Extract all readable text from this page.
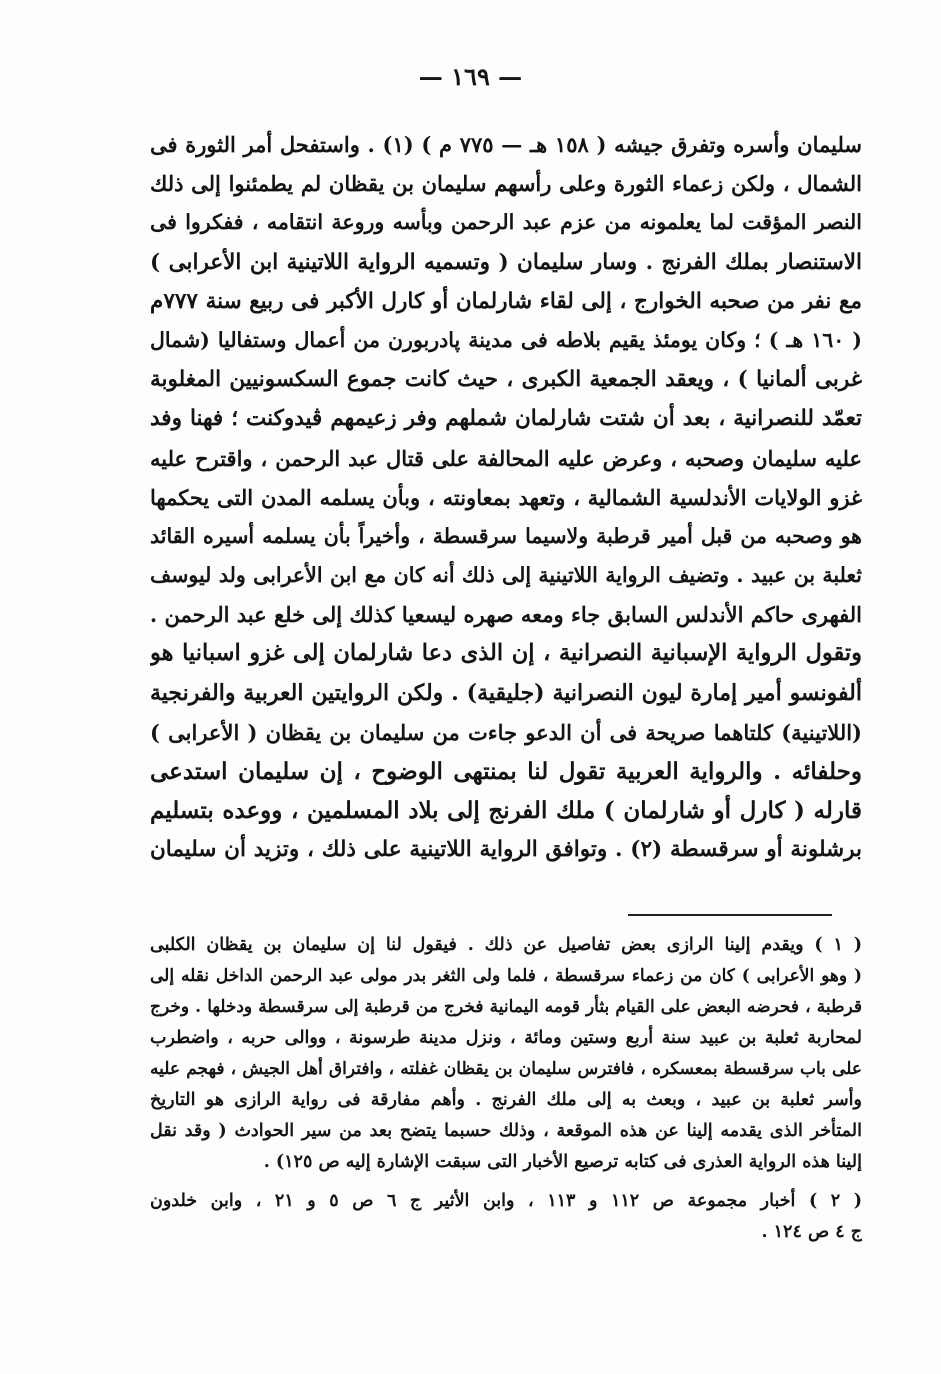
— ١٦٩ —
سليمان وأسره وتفرق جيشه ( ١٥٨ هـ — ٧٧٥ م ) (١) . واستفحل أمر الثورة فى
الشمال ، ولكن زعماء الثورة وعلى رأسهم سليمان بن يقظان لم يطمئنوا إلى ذلك
النصر المؤقت لما يعلمونه من عزم عبد الرحمن وبأسه وروعة انتقامه ، ففكروا فى
الاستنصار بملك الفرنج . وسار سليمان ( وتسميه الرواية اللاتينية ابن الأعرابى )
مع نفر من صحبه الخوارج ، إلى لقاء شارلمان أو كارل الأكبر فى ربيع سنة ٧٧٧م
( ١٦٠ هـ ) ؛ وكان يومئذ يقيم بلاطه فى مدينة پادربورن من أعمال وستفاليا (شمال
غربى ألمانيا ) ، ويعقد الجمعية الكبرى ، حيث كانت جموع السكسونيين المغلوبة
تعمّد للنصرانية ، بعد أن شتت شارلمان شملهم وفر زعيمهم ڤيدوكنت ؛ فهنا وفد
عليه سليمان وصحبه ، وعرض عليه المحالفة على قتال عبد الرحمن ، واقترح عليه
غزو الولايات الأندلسية الشمالية ، وتعهد بمعاونته ، وبأن يسلمه المدن التى يحكمها
هو وصحبه من قبل أمير قرطبة ولاسيما سرقسطة ، وأخيراً بأن يسلمه أسيره القائد
ثعلبة بن عبيد . وتضيف الرواية اللاتينية إلى ذلك أنه كان مع ابن الأعرابى ولد ليوسف
الفهرى حاكم الأندلس السابق جاء ومعه صهره ليسعيا كذلك إلى خلع عبد الرحمن .
وتقول الرواية الإسبانية النصرانية ، إن الذى دعا شارلمان إلى غزو اسبانيا هو
ألفونسو أمير إمارة ليون النصرانية (جليقية) . ولكن الروايتين العربية والفرنجية
(اللاتينية) كلتاهما صريحة فى أن الدعو جاءت من سليمان بن يقظان ( الأعرابى )
وحلفائه . والرواية العربية تقول لنا بمنتهى الوضوح ، إن سليمان استدعى
قارله ( كارل أو شارلمان ) ملك الفرنج إلى بلاد المسلمين ، ووعده بتسليم
برشلونة أو سرقسطة (٢) . وتوافق الرواية اللاتينية على ذلك ، وتزيد أن سليمان
( ١ ) ويقدم إلينا الرازى بعض تفاصيل عن ذلك . فيقول لنا إن سليمان بن يقظان الكلبى
( وهو الأعرابى ) كان من زعماء سرقسطة ، فلما ولى الثغر بدر مولى عبد الرحمن الداخل نقله إلى
قرطبة ، فحرضه البعض على القيام بثأر قومه اليمانية فخرج من قرطبة إلى سرقسطة ودخلها . وخرج
لمحاربة ثعلبة بن عبيد سنة أربع وستين ومائة ، ونزل مدينة طرسونة ، ووالى حربه ، واضطرب
على باب سرقسطة بمعسكره ، فافترس سليمان بن يقظان غفلته ، وافتراق أهل الجيش ، فهجم عليه
وأسر ثعلبة بن عبيد ، وبعث به إلى ملك الفرنج . وأهم مفارقة فى رواية الرازى هو التاريخ
المتأخر الذى يقدمه إلينا عن هذه الموقعة ، وذلك حسبما يتضح بعد من سير الحوادث ( وقد نقل
إلينا هذه الرواية العذرى فى كتابه ترصيع الأخبار التى سبقت الإشارة إليه ص ١٢٥) .
( ٢ ) أخبار مجموعة ص ١١٢ و ١١٣ ، وابن الأثير ج ٦ ص ٥ و ٢١ ، وابن خلدون
ج ٤ ص ١٢٤ .
